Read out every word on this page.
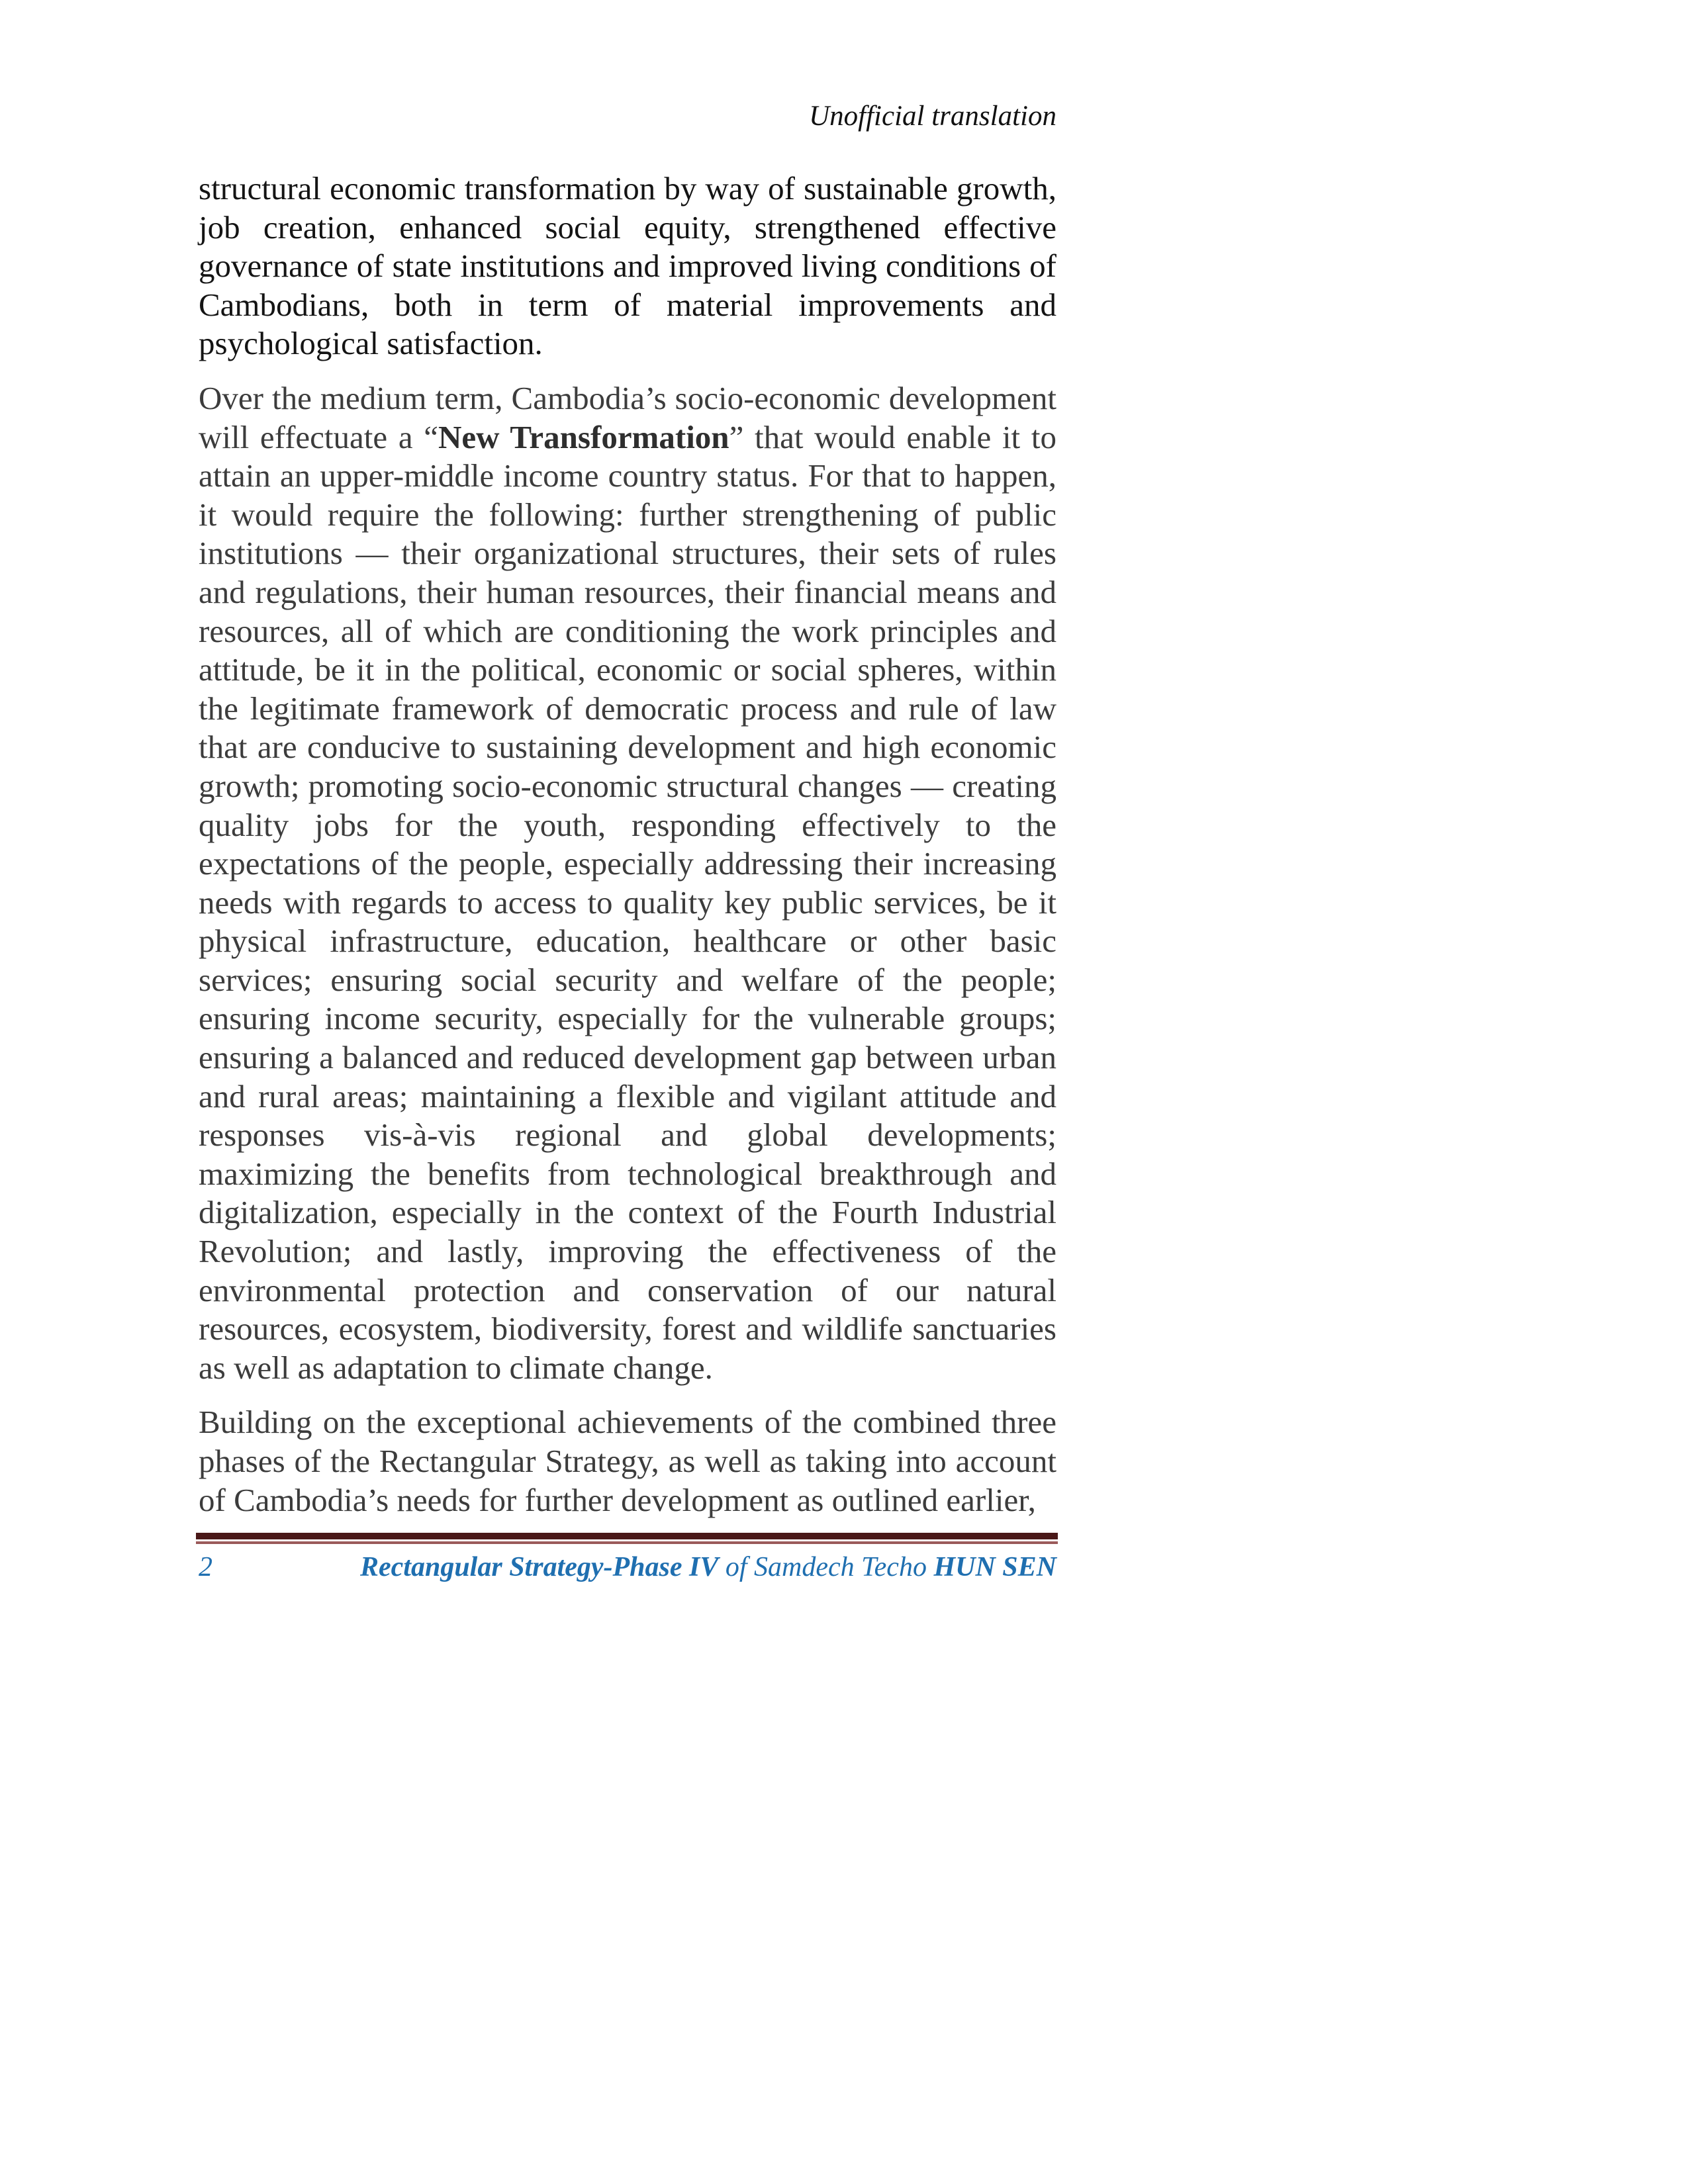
Unofficial translation

structural economic transformation by way of sustainable growth, job creation, enhanced social equity, strengthened effective governance of state institutions and improved living conditions of Cambodians, both in term of material improvements and psychological satisfaction.

Over the medium term, Cambodia’s socio-economic development will effectuate a “New Transformation” that would enable it to attain an upper-middle income country status. For that to happen, it would require the following: further strengthening of public institutions — their organizational structures, their sets of rules and regulations, their human resources, their financial means and resources, all of which are conditioning the work principles and attitude, be it in the political, economic or social spheres, within the legitimate framework of democratic process and rule of law that are conducive to sustaining development and high economic growth; promoting socio-economic structural changes — creating quality jobs for the youth, responding effectively to the expectations of the people, especially addressing their increasing needs with regards to access to quality key public services, be it physical infrastructure, education, healthcare or other basic services; ensuring social security and welfare of the people; ensuring income security, especially for the vulnerable groups; ensuring a balanced and reduced development gap between urban and rural areas; maintaining a flexible and vigilant attitude and responses vis-à-vis regional and global developments; maximizing the benefits from technological breakthrough and digitalization, especially in the context of the Fourth Industrial Revolution; and lastly, improving the effectiveness of the environmental protection and conservation of our natural resources, ecosystem, biodiversity, forest and wildlife sanctuaries as well as adaptation to climate change.

Building on the exceptional achievements of the combined three phases of the Rectangular Strategy, as well as taking into account of Cambodia’s needs for further development as outlined earlier,

2	Rectangular Strategy-Phase IV of Samdech Techo HUN SEN
